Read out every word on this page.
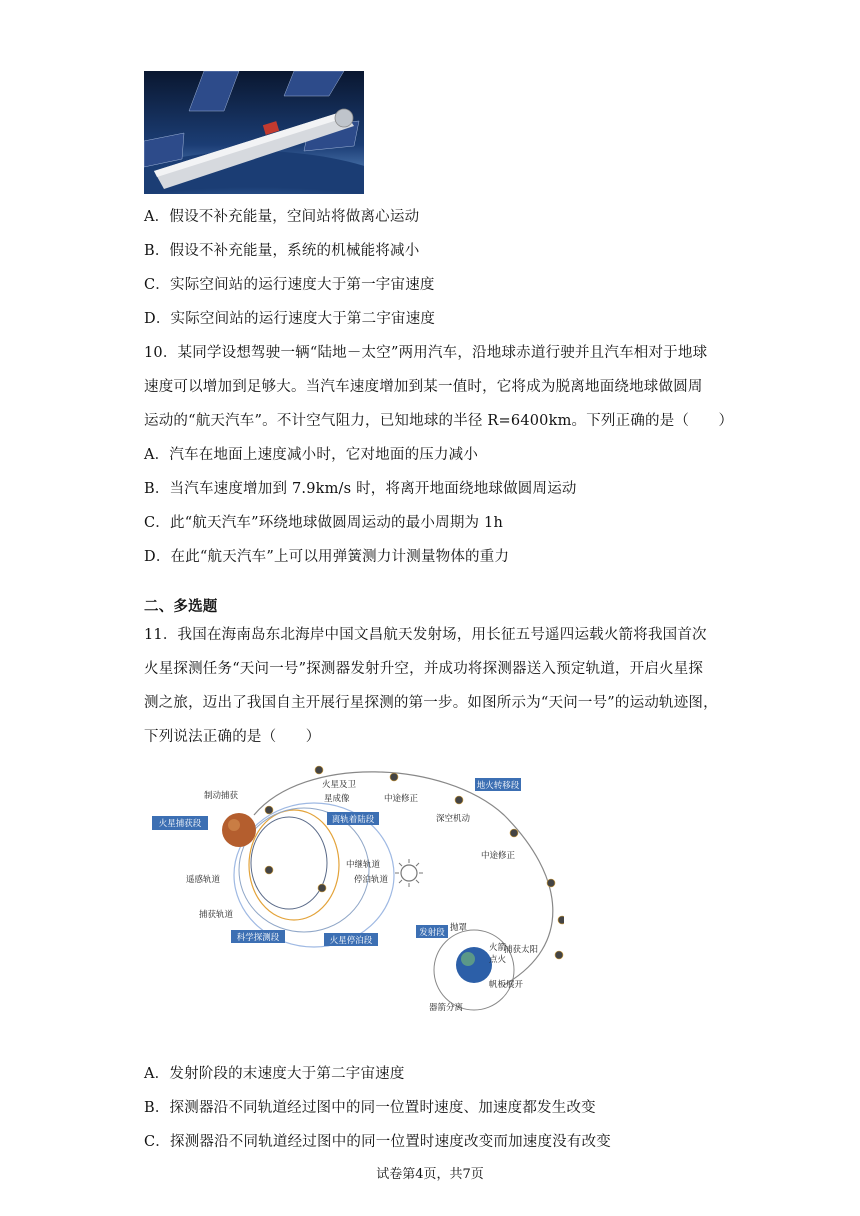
A．假设不补充能量，空间站将做离心运动
B．假设不补充能量，系统的机械能将减小
C．实际空间站的运行速度大于第一宇宙速度
D．实际空间站的运行速度大于第二宇宙速度
10．某同学设想驾驶一辆“陆地－太空”两用汽车，沿地球赤道行驶并且汽车相对于地球
速度可以增加到足够大。当汽车速度增加到某一值时，它将成为脱离地面绕地球做圆周
运动的“航天汽车”。不计空气阻力，已知地球的半径 R=6400km。下列正确的是（　　）
A．汽车在地面上速度减小时，它对地面的压力减小
B．当汽车速度增加到 7.9km/s 时，将离开地面绕地球做圆周运动
C．此“航天汽车”环绕地球做圆周运动的最小周期为 1h
D．在此“航天汽车”上可以用弹簧测力计测量物体的重力
二、多选题
11．我国在海南岛东北海岸中国文昌航天发射场，用长征五号遥四运载火箭将我国首次
火星探测任务“天问一号”探测器发射升空，并成功将探测器送入预定轨道，开启火星探
测之旅，迈出了我国自主开展行星探测的第一步。如图所示为“天问一号”的运动轨迹图，
下列说法正确的是（　　）
火星捕获段	离轨着陆段
地火转移段
科学探测段	火星停泊段
发射段
制动捕获
火星及卫
星成像	中途修正
深空机动
中途修正
中继轨道
停泊轨道
遥感轨道
捕获轨道
捕获太阳
抛罩
火箭
点火
帆板展开
器箭分离
A．发射阶段的末速度大于第二宇宙速度
B．探测器沿不同轨道经过图中的同一位置时速度、加速度都发生改变
C．探测器沿不同轨道经过图中的同一位置时速度改变而加速度没有改变
试卷第4页，共7页
